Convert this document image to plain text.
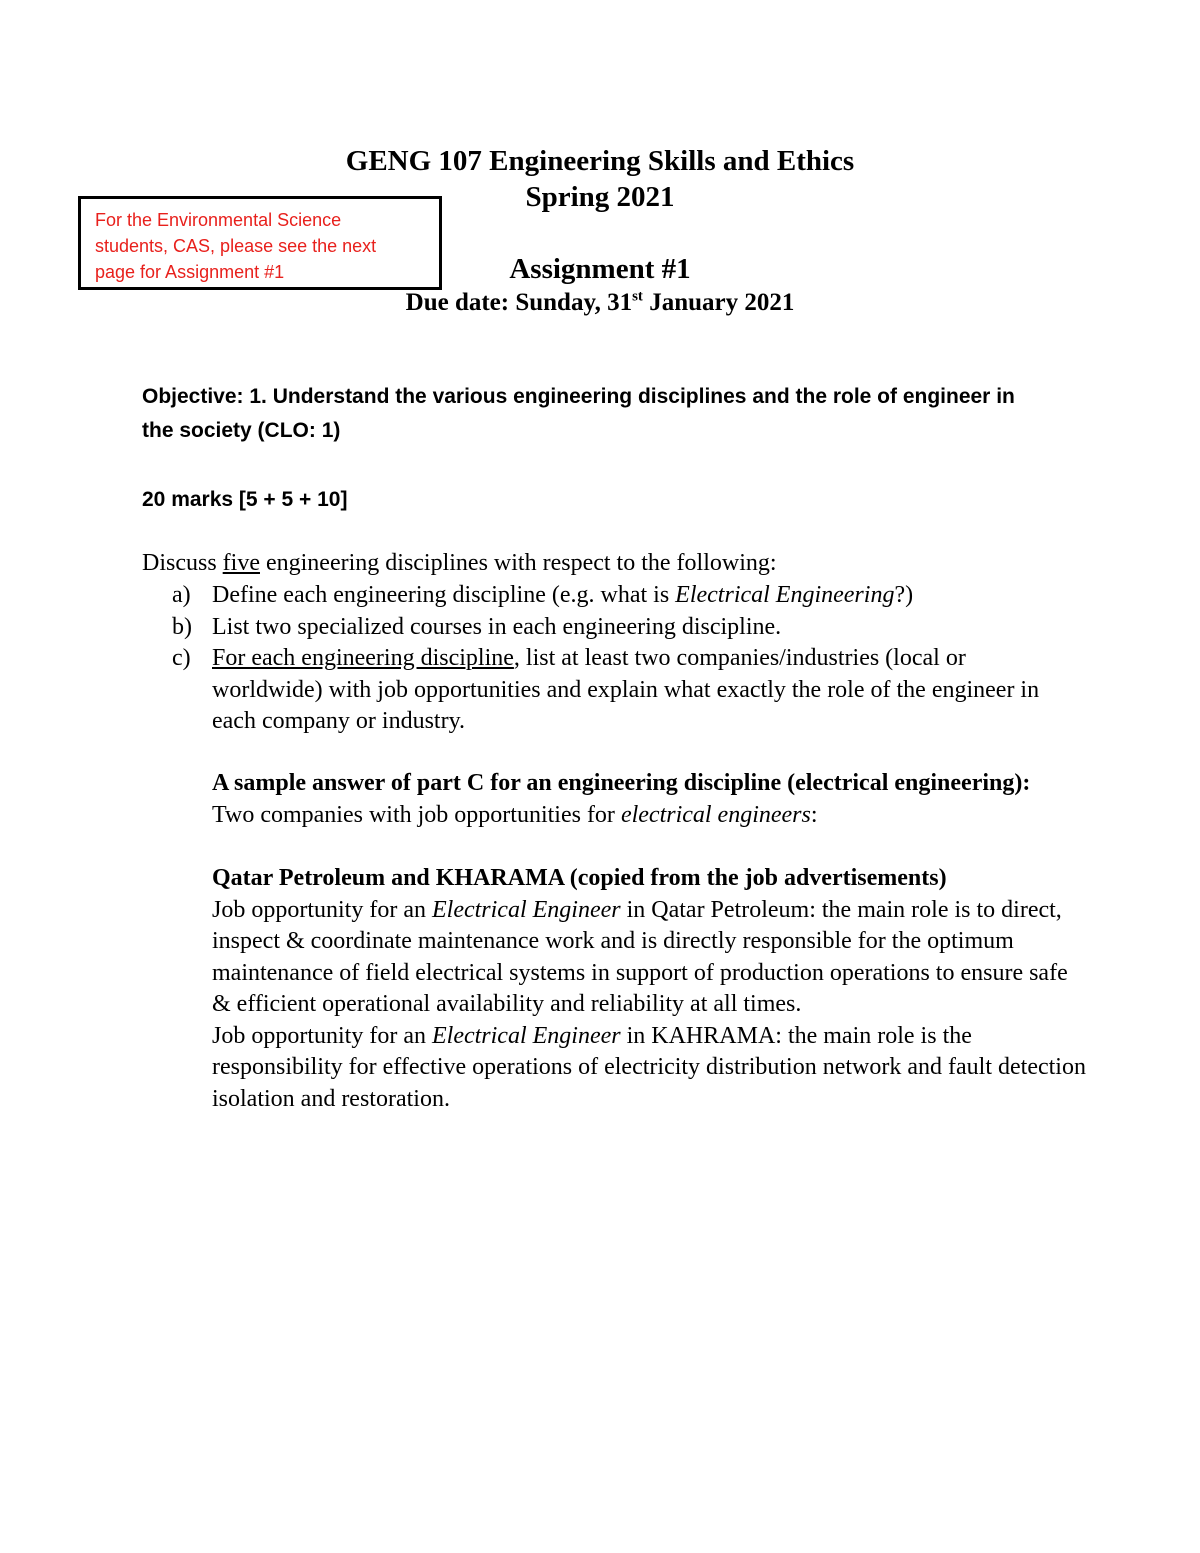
GENG 107 Engineering Skills and Ethics
Spring 2021
Assignment #1
Due date: Sunday, 31st January 2021
For the Environmental Science
students, CAS, please see the next
page for Assignment #1
Objective: 1. Understand the various engineering disciplines and the role of engineer in the society (CLO: 1)
20 marks [5 + 5 + 10]
Discuss five engineering disciplines with respect to the following:
a) Define each engineering discipline (e.g. what is Electrical Engineering?)
b) List two specialized courses in each engineering discipline.
c) For each engineering discipline, list at least two companies/industries (local or worldwide) with job opportunities and explain what exactly the role of the engineer in each company or industry.
A sample answer of part C for an engineering discipline (electrical engineering):
Two companies with job opportunities for electrical engineers:
Qatar Petroleum and KHARAMA (copied from the job advertisements)
Job opportunity for an Electrical Engineer in Qatar Petroleum: the main role is to direct, inspect & coordinate maintenance work and is directly responsible for the optimum maintenance of field electrical systems in support of production operations to ensure safe & efficient operational availability and reliability at all times.
Job opportunity for an Electrical Engineer in KAHRAMA: the main role is the responsibility for effective operations of electricity distribution network and fault detection isolation and restoration.
